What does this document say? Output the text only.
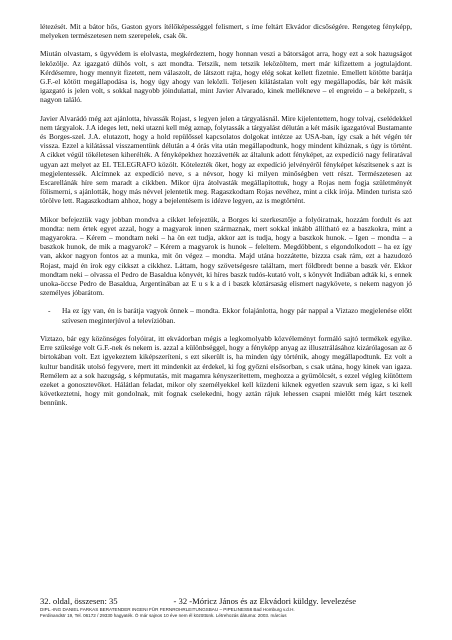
létezését. Mit a bátor hős, Gaston gyors ítélőképességgel felismert, s íme feltárt Ekvádor dicsőségére. Rengeteg fényképp, melyeken természetesen nem szerepelek, csak ők.

Miután olvastam, s ügyvédem is elolvasta, megkérdeztem, hogy honnan veszi a bátorságot arra, hogy ezt a sok hazugságot leközölje. Az igazgató dühös volt, s azt mondta. Tetszik, nem tetszik leközöltem, mert már kifizettem a jogtulajdont. Kérdésemre, hogy mennyit fizetett, nem válaszolt, de látszott rajta, hogy elég sokat kellett fizetnie. Emellett kötötte barátja G.F.-el kötött megállapodása is, hogy úgy ahogy van leközli. Teljesen kilátástalan volt egy megállapodás, bár két másik igazgató is jelen volt, s sokkal nagyobb jóindulattal, mint Javier Alvarado, kinek mellékneve – el engreido – a beképzelt, s nagyon találó.

Javier Alvarádó még azt ajánlotta, hívassák Rojast, s legyen jelen a tárgyalásnál. Mire kijelentettem, hogy tolvaj, cselédekkel nem tárgyalok. J.A ideges lett, neki utazni kell még aznap, folytassák a tárgyalást délután a két másik igazgatóval Bustamante és Borges-szel. J.A. elutazott, hogy a hold repülőssel kapcsolatos dolgokat intézze az USA-ban, így csak a hét végén tér vissza. Ezzel a kilátással visszamentünk délután a 4 órás vita után megállapodtunk, hogy mindent kihúznak, s úgy is történt. A cikket végül tökéletesen kiherélték. A fényképekhez hozzávették az általunk adott fényképet, az expedíció nagy feliratával ugyan azt melyet az EL TELEGRAFO közölt. Kötelezték őket, hogy az expedíció jelvényérõl fényképet készítsenek s azt is megjelentessék. Alcímnek az expedíció neve, s a névsor, hogy ki milyen minőségben vett részt. Természetesen az Escarellánák híre sem maradt a cikkben. Mikor újra átolvasták megállapítottuk, hogy a Rojas nem fogja születményét fölismerni, s ajánlották, hogy más névvel jelentetik meg. Ragaszkodtam Rojas nevéhez, mint a cikk írója. Minden turista szó törölve lett. Ragaszkodtam ahhoz, hogy a bejelentésem is idézve legyen, az is megtörtént.

Mikor befejeztük vagy jobban mondva a cikket lefejeztük, a Borges ki szerkesztője a folyóiratnak, hozzám fordult és azt mondta: nem értek egyet azzal, hogy a magyarok innen származnak, mert sokkal inkább állítható ez a baszkokra, mint a magyarokra. – Kérem – mondtam neki – ha ön ezt tudja, akkor azt is tudja, hogy a baszkok hunok. – Igen – mondta – a baszkok hunok, de mik a magyarok? – Kérem a magyarok is hunok – feleltem. Megdöbbent, s elgondolkodott – ha ez így van, akkor nagyon fontos az a munka, mit ön végez – mondta. Majd utána hozzátette, bizzza csak rám, ezt a hazudozó Rojast, majd én írok egy cikkszt a cikkhez. Láttam, hogy szövetségesre találtam, mert földbredt benne a baszk vér. Ekkor mondtam neki – olvassa el Pedro de Basaldua könyvét, ki híres baszk tudós-kutató volt, s könyvét Indiában adták ki, s ennek unoka-öccse Pedro de Basaldua, Argentínában az E u s k a d i baszk köztársaság elismert nagykövete, s nekem nagyon jó személyes jóbarátom.

- Ha ez így van, én is barátja vagyok önnek – mondta. Ekkor folajánlotta, hogy pár nappal a Viztazo megjelenése előtt szívesen meginterjúvol a televízióban.

Viztazo, bár egy közönséges folyóirat, itt ekvádorban mégis a legkomolyabb közvéleményt formáló sajtó termékek egyike. Erre szüksége volt G.F.-nek és nekem is. azzal a különbséggel, hogy a fényképp anyag az illusztrálásához kizárólagosan az ő birtokában volt. Ezt igyekeztem kiképszeríteni, s ezt sikerült is, ha minden úgy történik, ahogy megállapodtunk. Ez volt a kultur banditák utolsó fegyvere, mert itt mindenkit az érdekel, ki fog győzni elsősorban, s csak utána, hogy kinek van igaza. Remélem az a sok hazugság, s képmutatás, mit magamra kényszerítettem, meghozza a gyümölcsét, s ezzel végleg kiütöttem ezeket a gonosztevőket. Hálátlan feladat, mikor oly személyekkel kell küzdeni kiknek egyetlen szavuk sem igaz, s ki kell következtetni, hogy mit gondolnak, mit fognak cselekedni, hogy aztán rájuk lehessen csapni mielőtt még kárt tesznek bennünk.

32. oldal, összesen: 35	- 32 -Móricz János és az Ekvádori küldgy. levelezése
DIPL.-ING DANIEL FARKAS BERATENDER INGENI FÜR FERNROHRLEITUNGSBAU – PIPELINES58 Bad Homburg v.d.H.
Ferdinandstr 19, Tel. 06172 / 29330 hagyaték. Ó már sajnos 10 éve nem él közöttünk. Létrehozás dátuma: 2003. március
